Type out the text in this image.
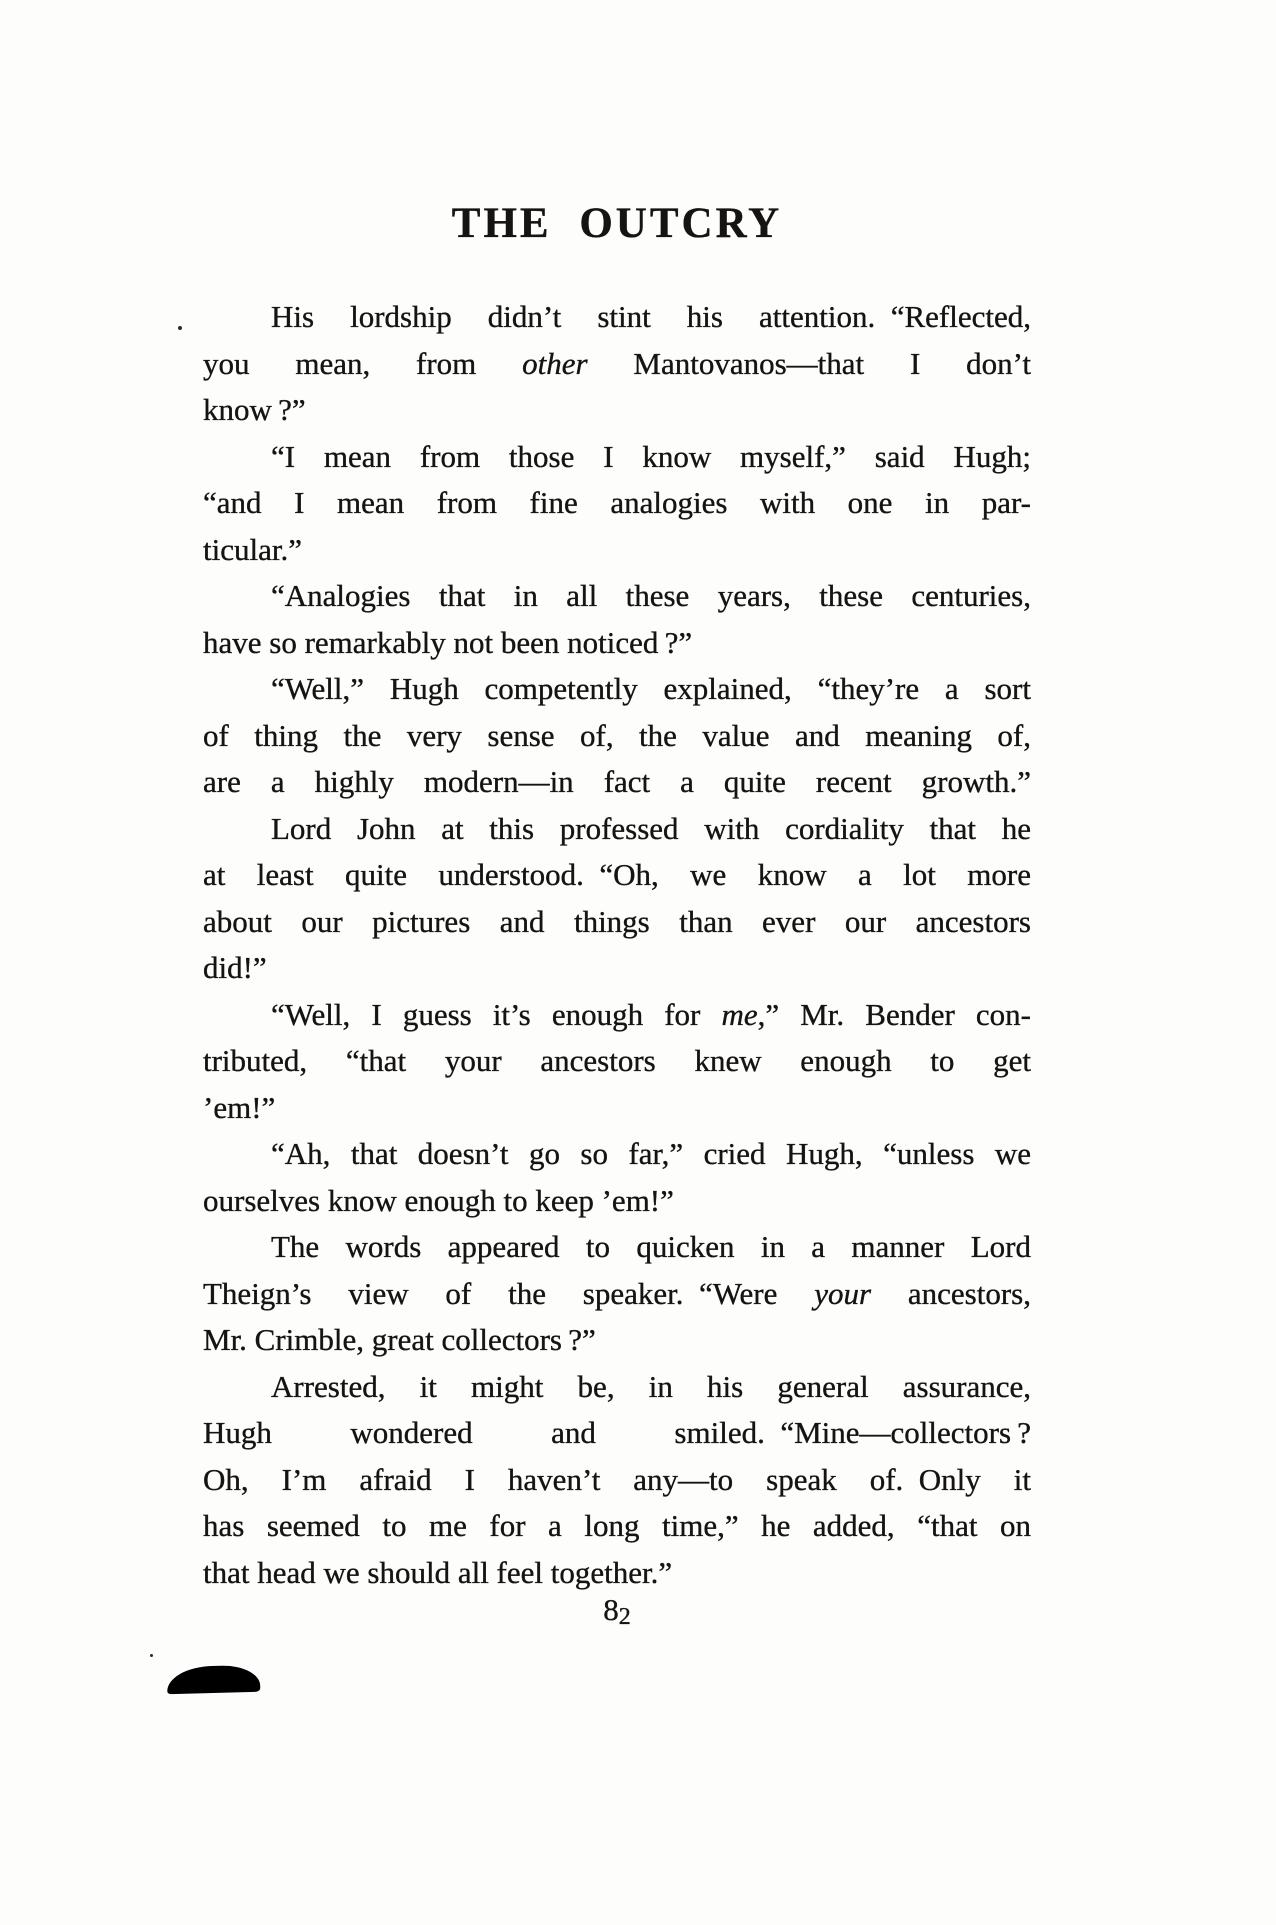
THE OUTCRY
His lordship didn’t stint his attention. “Reflected,
you mean, from other Mantovanos—that I don’t
know ?”
“I mean from those I know myself,” said Hugh;
“and I mean from fine analogies with one in par-
ticular.”
“Analogies that in all these years, these centuries,
have so remarkably not been noticed ?”
“Well,” Hugh competently explained, “they’re a sort
of thing the very sense of, the value and meaning of,
are a highly modern—in fact a quite recent growth.”
Lord John at this professed with cordiality that he
at least quite understood. “Oh, we know a lot more
about our pictures and things than ever our ancestors
did!”
“Well, I guess it’s enough for me,” Mr. Bender con-
tributed, “that your ancestors knew enough to get
’em!”
“Ah, that doesn’t go so far,” cried Hugh, “unless we
ourselves know enough to keep ’em!”
The words appeared to quicken in a manner Lord
Theign’s view of the speaker. “Were your ancestors,
Mr. Crimble, great collectors ?”
Arrested, it might be, in his general assurance,
Hugh wondered and smiled. “Mine—collectors ?
Oh, I’m afraid I haven’t any—to speak of. Only it
has seemed to me for a long time,” he added, “that on
that head we should all feel together.”
82
